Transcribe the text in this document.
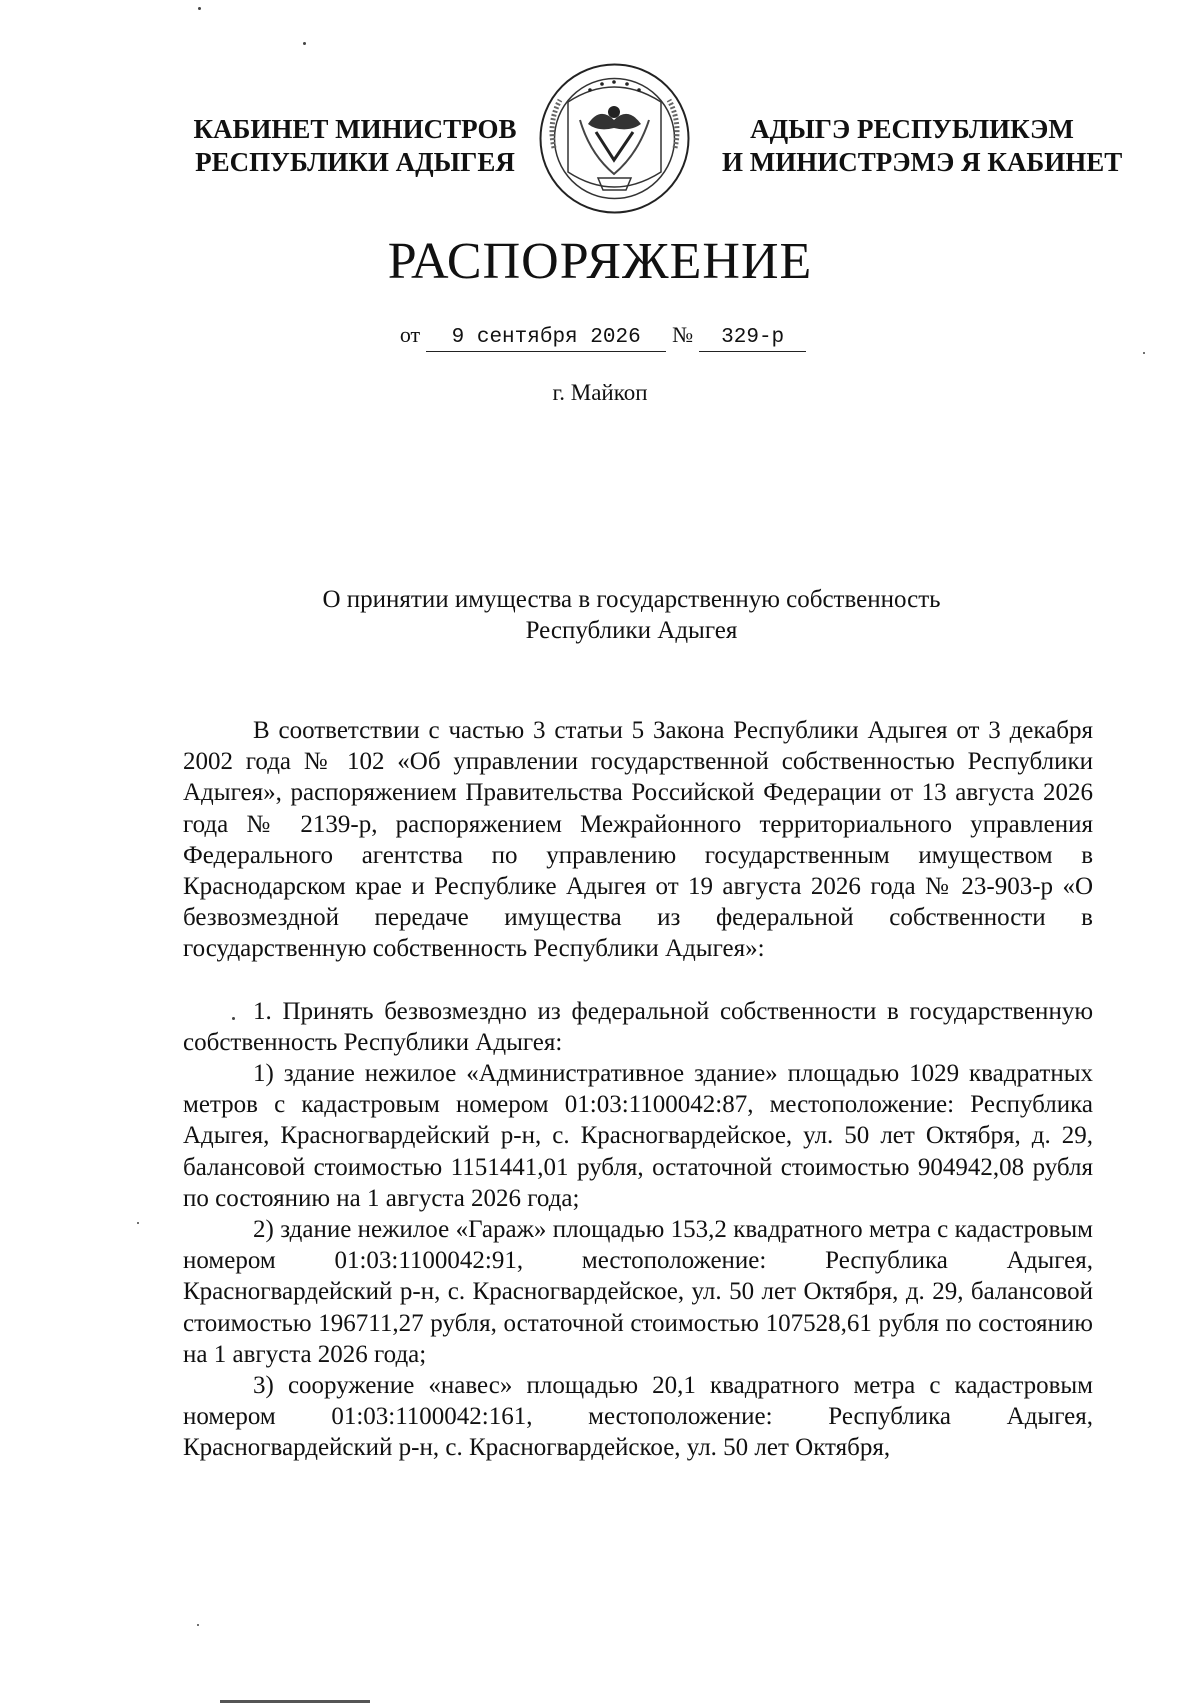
КАБИНЕТ МИНИСТРОВ
РЕСПУБЛИКИ АДЫГЕЯ
АДЫГЭ РЕСПУБЛИКЭМ
И МИНИСТРЭМЭ Я КАБИНЕТ
РАСПОРЯЖЕНИЕ
от 9 сентября 2026 № 329-р
г. Майкоп
О принятии имущества в государственную собственность
Республики Адыгея

В соответствии с частью 3 статьи 5 Закона Республики Адыгея от 3 декабря 2002 года № 102 «Об управлении государственной собственностью Республики Адыгея», распоряжением Правительства Российской Федерации от 13 августа 2026 года № 2139-р, распоряжением Межрайонного территориального управления Федерального агентства по управлению государственным имуществом в Краснодарском крае и Республике Адыгея от 19 августа 2026 года № 23-903-р «О безвозмездной передаче имущества из федеральной собственности в государственную собственность Республики Адыгея»:

1. Принять безвозмездно из федеральной собственности в государственную собственность Республики Адыгея:

1) здание нежилое «Административное здание» площадью 1029 квадратных метров с кадастровым номером 01:03:1100042:87, местоположение: Республика Адыгея, Красногвардейский р-н, с. Красногвардейское, ул. 50 лет Октября, д. 29, балансовой стоимостью 1151441,01 рубля, остаточной стоимостью 904942,08 рубля по состоянию на 1 августа 2026 года;

2) здание нежилое «Гараж» площадью 153,2 квадратного метра с кадастровым номером 01:03:1100042:91, местоположение: Республика Адыгея, Красногвардейский р-н, с. Красногвардейское, ул. 50 лет Октября, д. 29, балансовой стоимостью 196711,27 рубля, остаточной стоимостью 107528,61 рубля по состоянию на 1 августа 2026 года;

3) сооружение «навес» площадью 20,1 квадратного метра с кадастровым номером 01:03:1100042:161, местоположение: Республика Адыгея, Красногвардейский р-н, с. Красногвардейское, ул. 50 лет Октября,
